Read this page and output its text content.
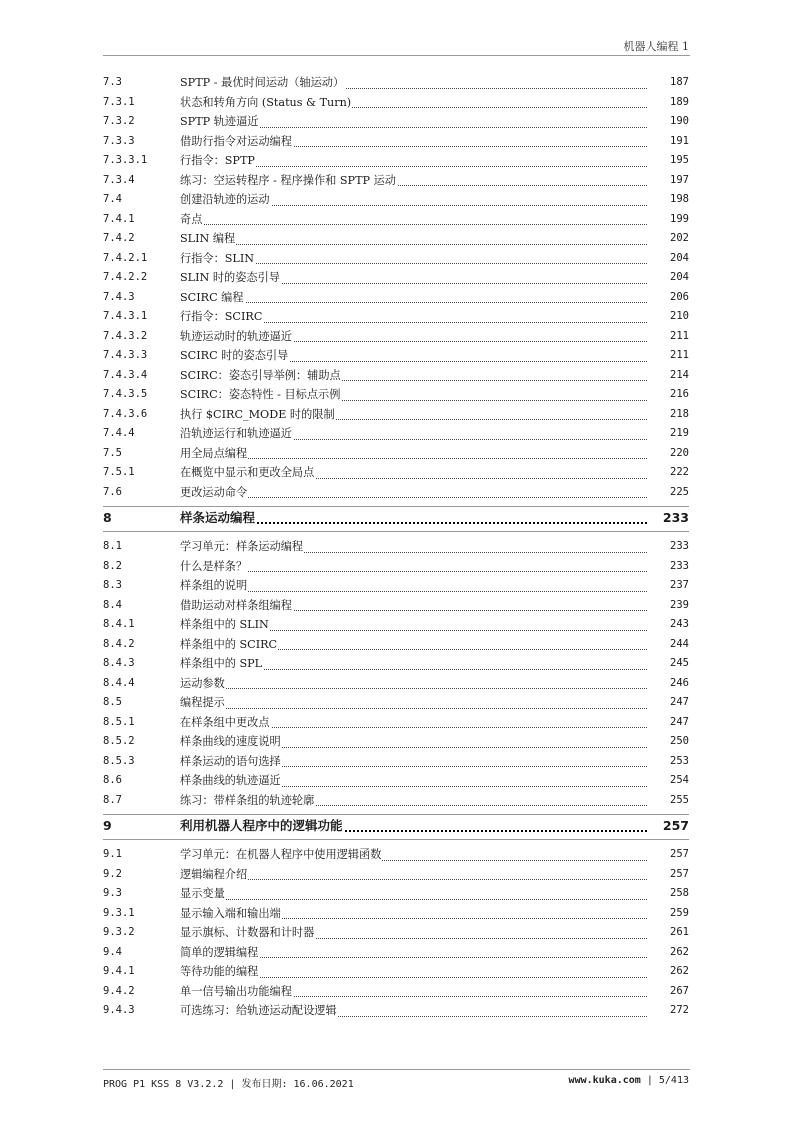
机器人编程 1
7.3	SPTP - 最优时间运动（轴运动）	187
7.3.1	状态和转角方向 (Status & Turn)	189
7.3.2	SPTP 轨迹逼近	190
7.3.3	借助行指令对运动编程	191
7.3.3.1	行指令：SPTP	195
7.3.4	练习：空运转程序 - 程序操作和 SPTP 运动	197
7.4	创建沿轨迹的运动	198
7.4.1	奇点	199
7.4.2	SLIN 编程	202
7.4.2.1	行指令：SLIN	204
7.4.2.2	SLIN 时的姿态引导	204
7.4.3	SCIRC 编程	206
7.4.3.1	行指令：SCIRC	210
7.4.3.2	轨迹运动时的轨迹逼近	211
7.4.3.3	SCIRC 时的姿态引导	211
7.4.3.4	SCIRC：姿态引导举例：辅助点	214
7.4.3.5	SCIRC：姿态特性 - 目标点示例	216
7.4.3.6	执行 $CIRC_MODE 时的限制	218
7.4.4	沿轨迹运行和轨迹逼近	219
7.5	用全局点编程	220
7.5.1	在概览中显示和更改全局点	222
7.6	更改运动命令	225
8	样条运动编程	233
8.1	学习单元：样条运动编程	233
8.2	什么是样条？	233
8.3	样条组的说明	237
8.4	借助运动对样条组编程	239
8.4.1	样条组中的 SLIN	243
8.4.2	样条组中的 SCIRC	244
8.4.3	样条组中的 SPL	245
8.4.4	运动参数	246
8.5	编程提示	247
8.5.1	在样条组中更改点	247
8.5.2	样条曲线的速度说明	250
8.5.3	样条运动的语句选择	253
8.6	样条曲线的轨迹逼近	254
8.7	练习：带样条组的轨迹轮廓	255
9	利用机器人程序中的逻辑功能	257
9.1	学习单元：在机器人程序中使用逻辑函数	257
9.2	逻辑编程介绍	257
9.3	显示变量	258
9.3.1	显示输入端和输出端	259
9.3.2	显示旗标、计数器和计时器	261
9.4	简单的逻辑编程	262
9.4.1	等待功能的编程	262
9.4.2	单一信号输出功能编程	267
9.4.3	可选练习：给轨迹运动配设逻辑	272
PROG P1 KSS 8 V3.2.2 | 发布日期: 16.06.2021	www.kuka.com | 5/413
